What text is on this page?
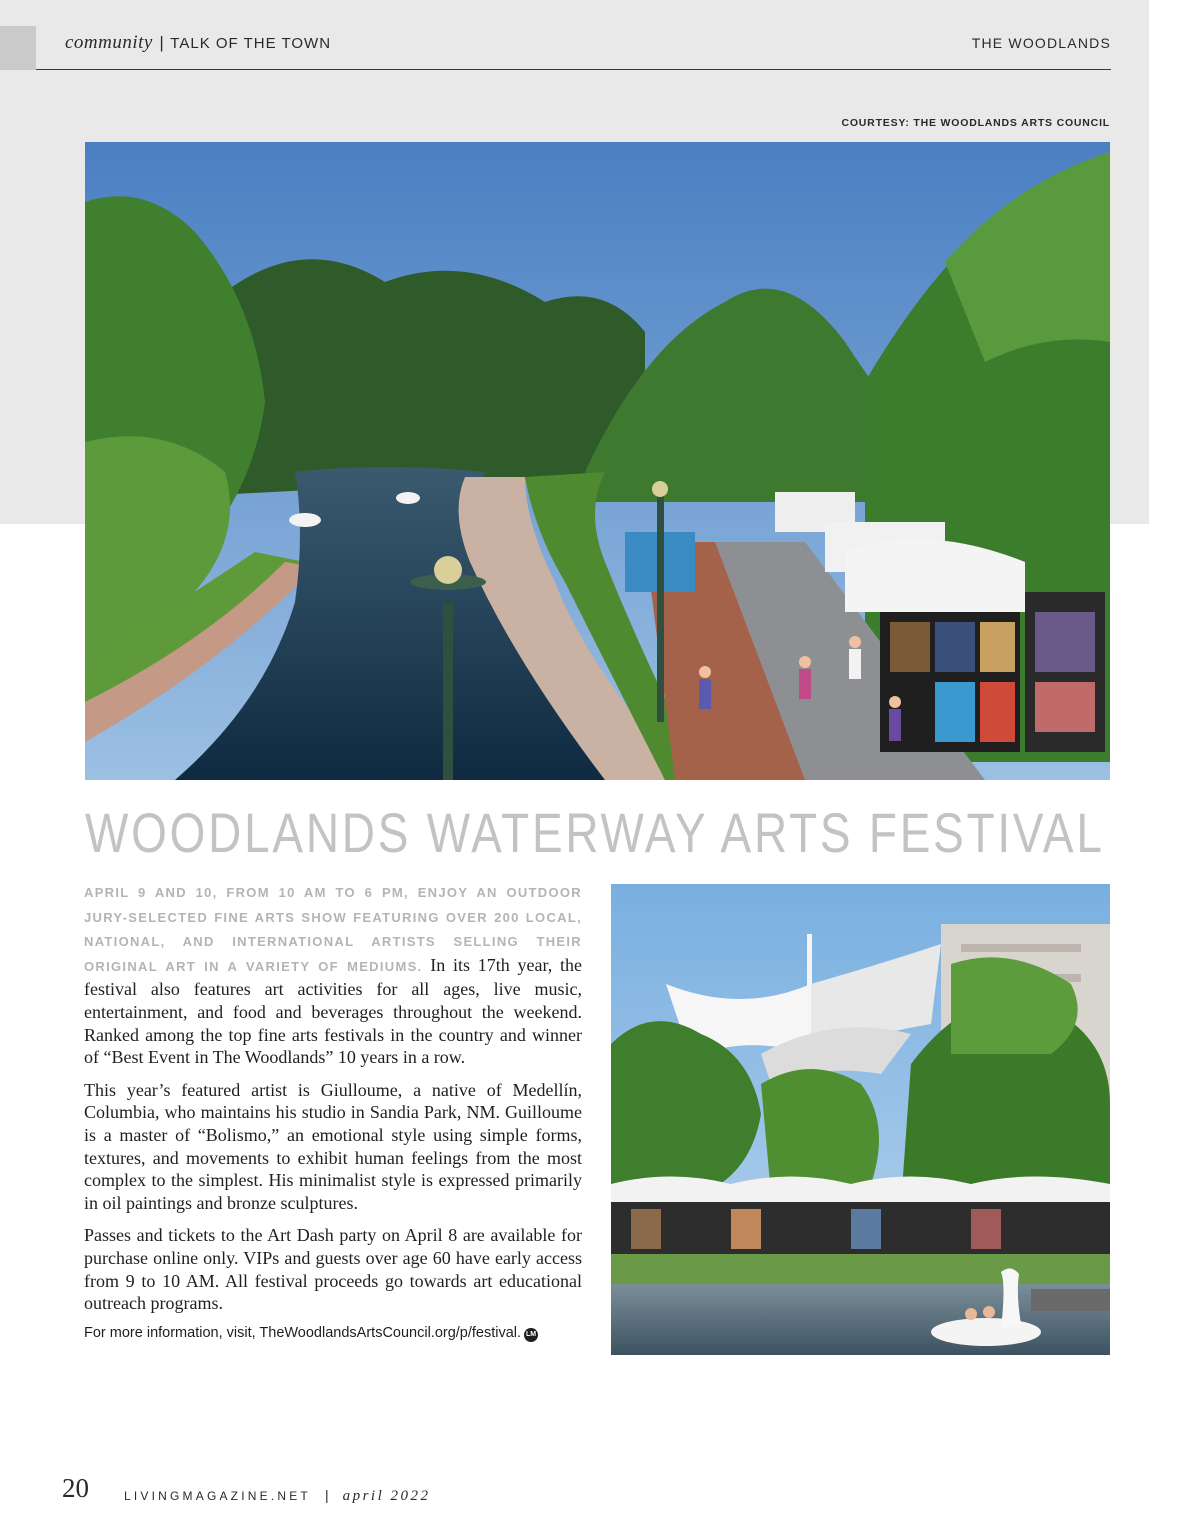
community | TALK OF THE TOWN	THE WOODLANDS
COURTESY: THE WOODLANDS ARTS COUNCIL
WOODLANDS WATERWAY ARTS FESTIVAL

APRIL 9 AND 10, FROM 10 AM TO 6 PM, ENJOY AN OUTDOOR JURY-SELECTED FINE ARTS SHOW FEATURING OVER 200 LOCAL, NATIONAL, AND INTERNATIONAL ARTISTS SELLING THEIR ORIGINAL ART IN A VARIETY OF MEDIUMS. In its 17th year, the festival also features art activities for all ages, live music, entertainment, and food and beverages throughout the weekend. Ranked among the top fine arts festivals in the country and winner of “Best Event in The Woodlands” 10 years in a row.

This year’s featured artist is Giulloume, a native of Medellín, Columbia, who maintains his studio in Sandia Park, NM. Guilloume is a master of “Bolismo,” an emotional style using simple forms, textures, and movements to exhibit human feelings from the most complex to the simplest. His minimalist style is expressed primarily in oil paintings and bronze sculptures.

Passes and tickets to the Art Dash party on April 8 are available for purchase online only. VIPs and guests over age 60 have early access from 9 to 10 AM. All festival proceeds go towards art educational outreach programs.

For more information, visit, TheWoodlandsArtsCouncil.org/p/festival. LM
20	LIVINGMAGAZINE.NET | april 2022
